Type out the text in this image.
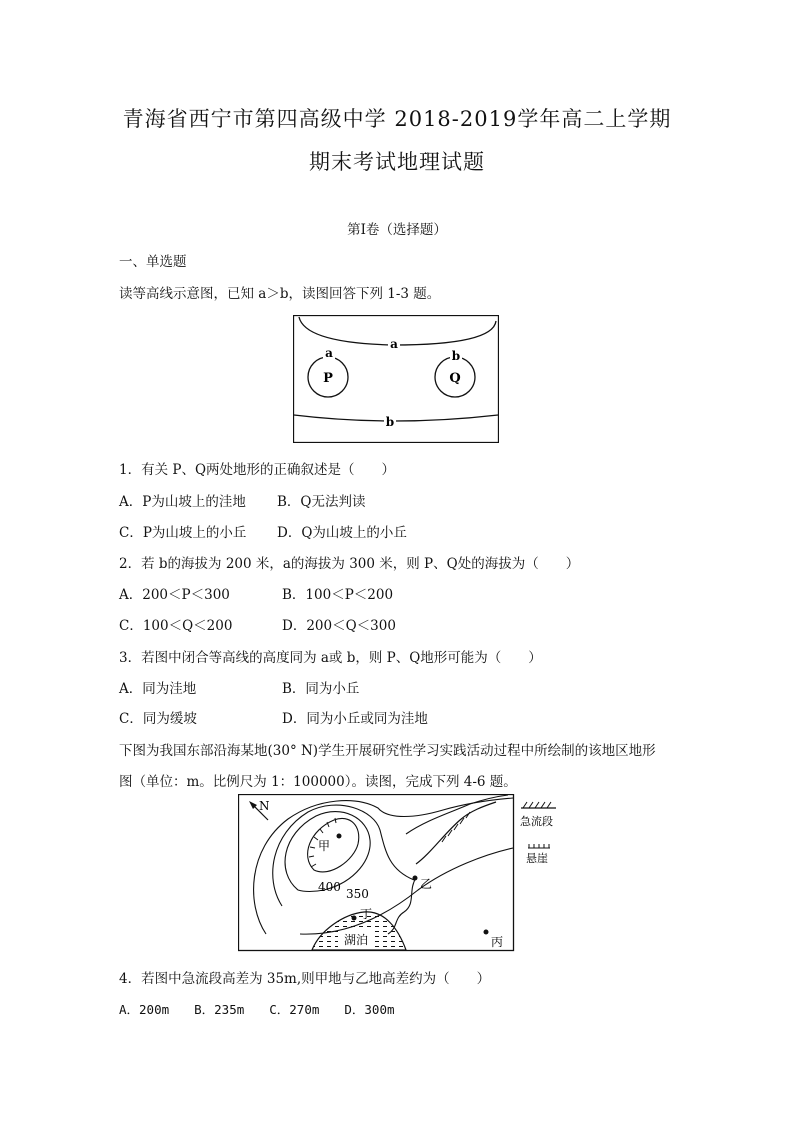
青海省西宁市第四高级中学 2018-2019学年高二上学期
期末考试地理试题
第I卷（选择题）
一、单选题
读等高线示意图，已知 a＞b，读图回答下列 1-3 题。
a
a
P
b
Q
b
1．有关 P、Q两处地形的正确叙述是（　　）
A．P为山坡上的洼地 B．Q无法判读
C．P为山坡上的小丘 D．Q为山坡上的小丘
2．若 b的海拔为 200 米，a的海拔为 300 米，则 P、Q处的海拔为（　　）
A．200＜P＜300	B．100＜P＜200
C．100＜Q＜200	D．200＜Q＜300
3．若图中闭合等高线的高度同为 a或 b，则 P、Q地形可能为（　　）
A．同为洼地	B．同为小丘
C．同为缓坡	D．同为小丘或同为洼地
下图为我国东部沿海某地(30° N)学生开展研究性学习实践活动过程中所绘制的该地区地形
图（单位：m。比例尺为 1：100000）。读图，完成下列 4-6 题。
N
湖泊
甲
乙
丙
丁
400 350
急流段
悬崖
4．若图中急流段高差为 35m,则甲地与乙地高差约为（　　）
A．200m　　B．235m　　C．270m　　D．300m
